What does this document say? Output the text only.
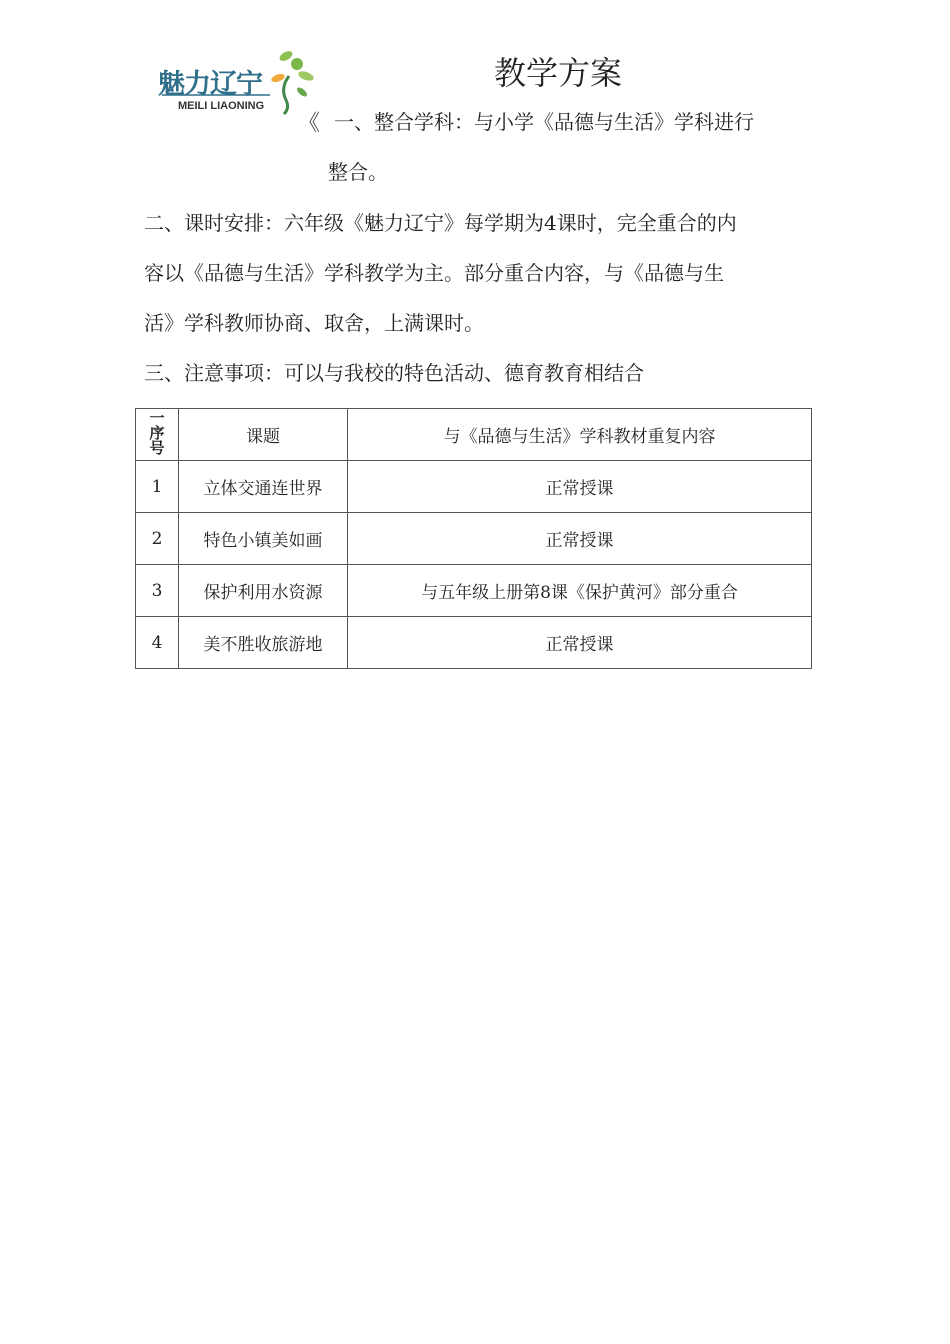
魅力辽宁
MEILI LIAONING
教学方案
《 一、整合学科：与小学《品德与生活》学科进行

整合。

二、课时安排：六年级《魅力辽宁》每学期为4课时，完全重合的内

容以《品德与生活》学科教学为主。部分重合内容，与《品德与生

活》学科教师协商、取舍，上满课时。

三、注意事项：可以与我校的特色活动、德育教育相结合

一序号	课题	与《品德与生活》学科教材重复内容
1	立体交通连世界	正常授课
2	特色小镇美如画	正常授课
3	保护利用水资源	与五年级上册第8课《保护黄河》部分重合
4	美不胜收旅游地	正常授课
